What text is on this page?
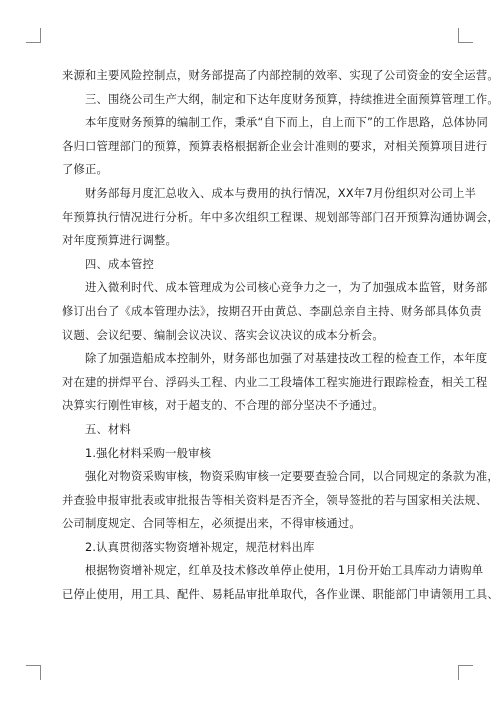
来源和主要风险控制点，财务部提高了内部控制的效率、实现了公司资金的安全运营。
三、围绕公司生产大纲，制定和下达年度财务预算，持续推进全面预算管理工作。
本年度财务预算的编制工作，秉承“自下而上，自上而下”的工作思路，总体协同
各归口管理部门的预算，预算表格根据新企业会计准则的要求，对相关预算项目进行
了修正。
财务部每月度汇总收入、成本与费用的执行情况，XX年7月份组织对公司上半
年预算执行情况进行分析。年中多次组织工程课、规划部等部门召开预算沟通协调会，
对年度预算进行调整。
四、成本管控
进入微利时代、成本管理成为公司核心竞争力之一，为了加强成本监管，财务部
修订出台了《成本管理办法》，按期召开由黄总、李副总亲自主持、财务部具体负责
议题、会议纪要、编制会议决议、落实会议决议的成本分析会。
除了加强造船成本控制外，财务部也加强了对基建技改工程的检查工作，本年度
对在建的拼焊平台、浮码头工程、内业二工段墙体工程实施进行跟踪检查，相关工程
决算实行刚性审核，对于超支的、不合理的部分坚决不予通过。
五、材料
1.强化材料采购一般审核
强化对物资采购审核，物资采购审核一定要要查验合同，以合同规定的条款为准，
并查验申报审批表或审批报告等相关资料是否齐全，领导签批的若与国家相关法规、
公司制度规定、合同等相左，必须提出来，不得审核通过。
2.认真贯彻落实物资增补规定，规范材料出库
根据物资增补规定，红单及技术修改单停止使用，1月份开始工具库动力请购单
已停止使用，用工具、配件、易耗品审批单取代，各作业课、职能部门申请领用工具、
